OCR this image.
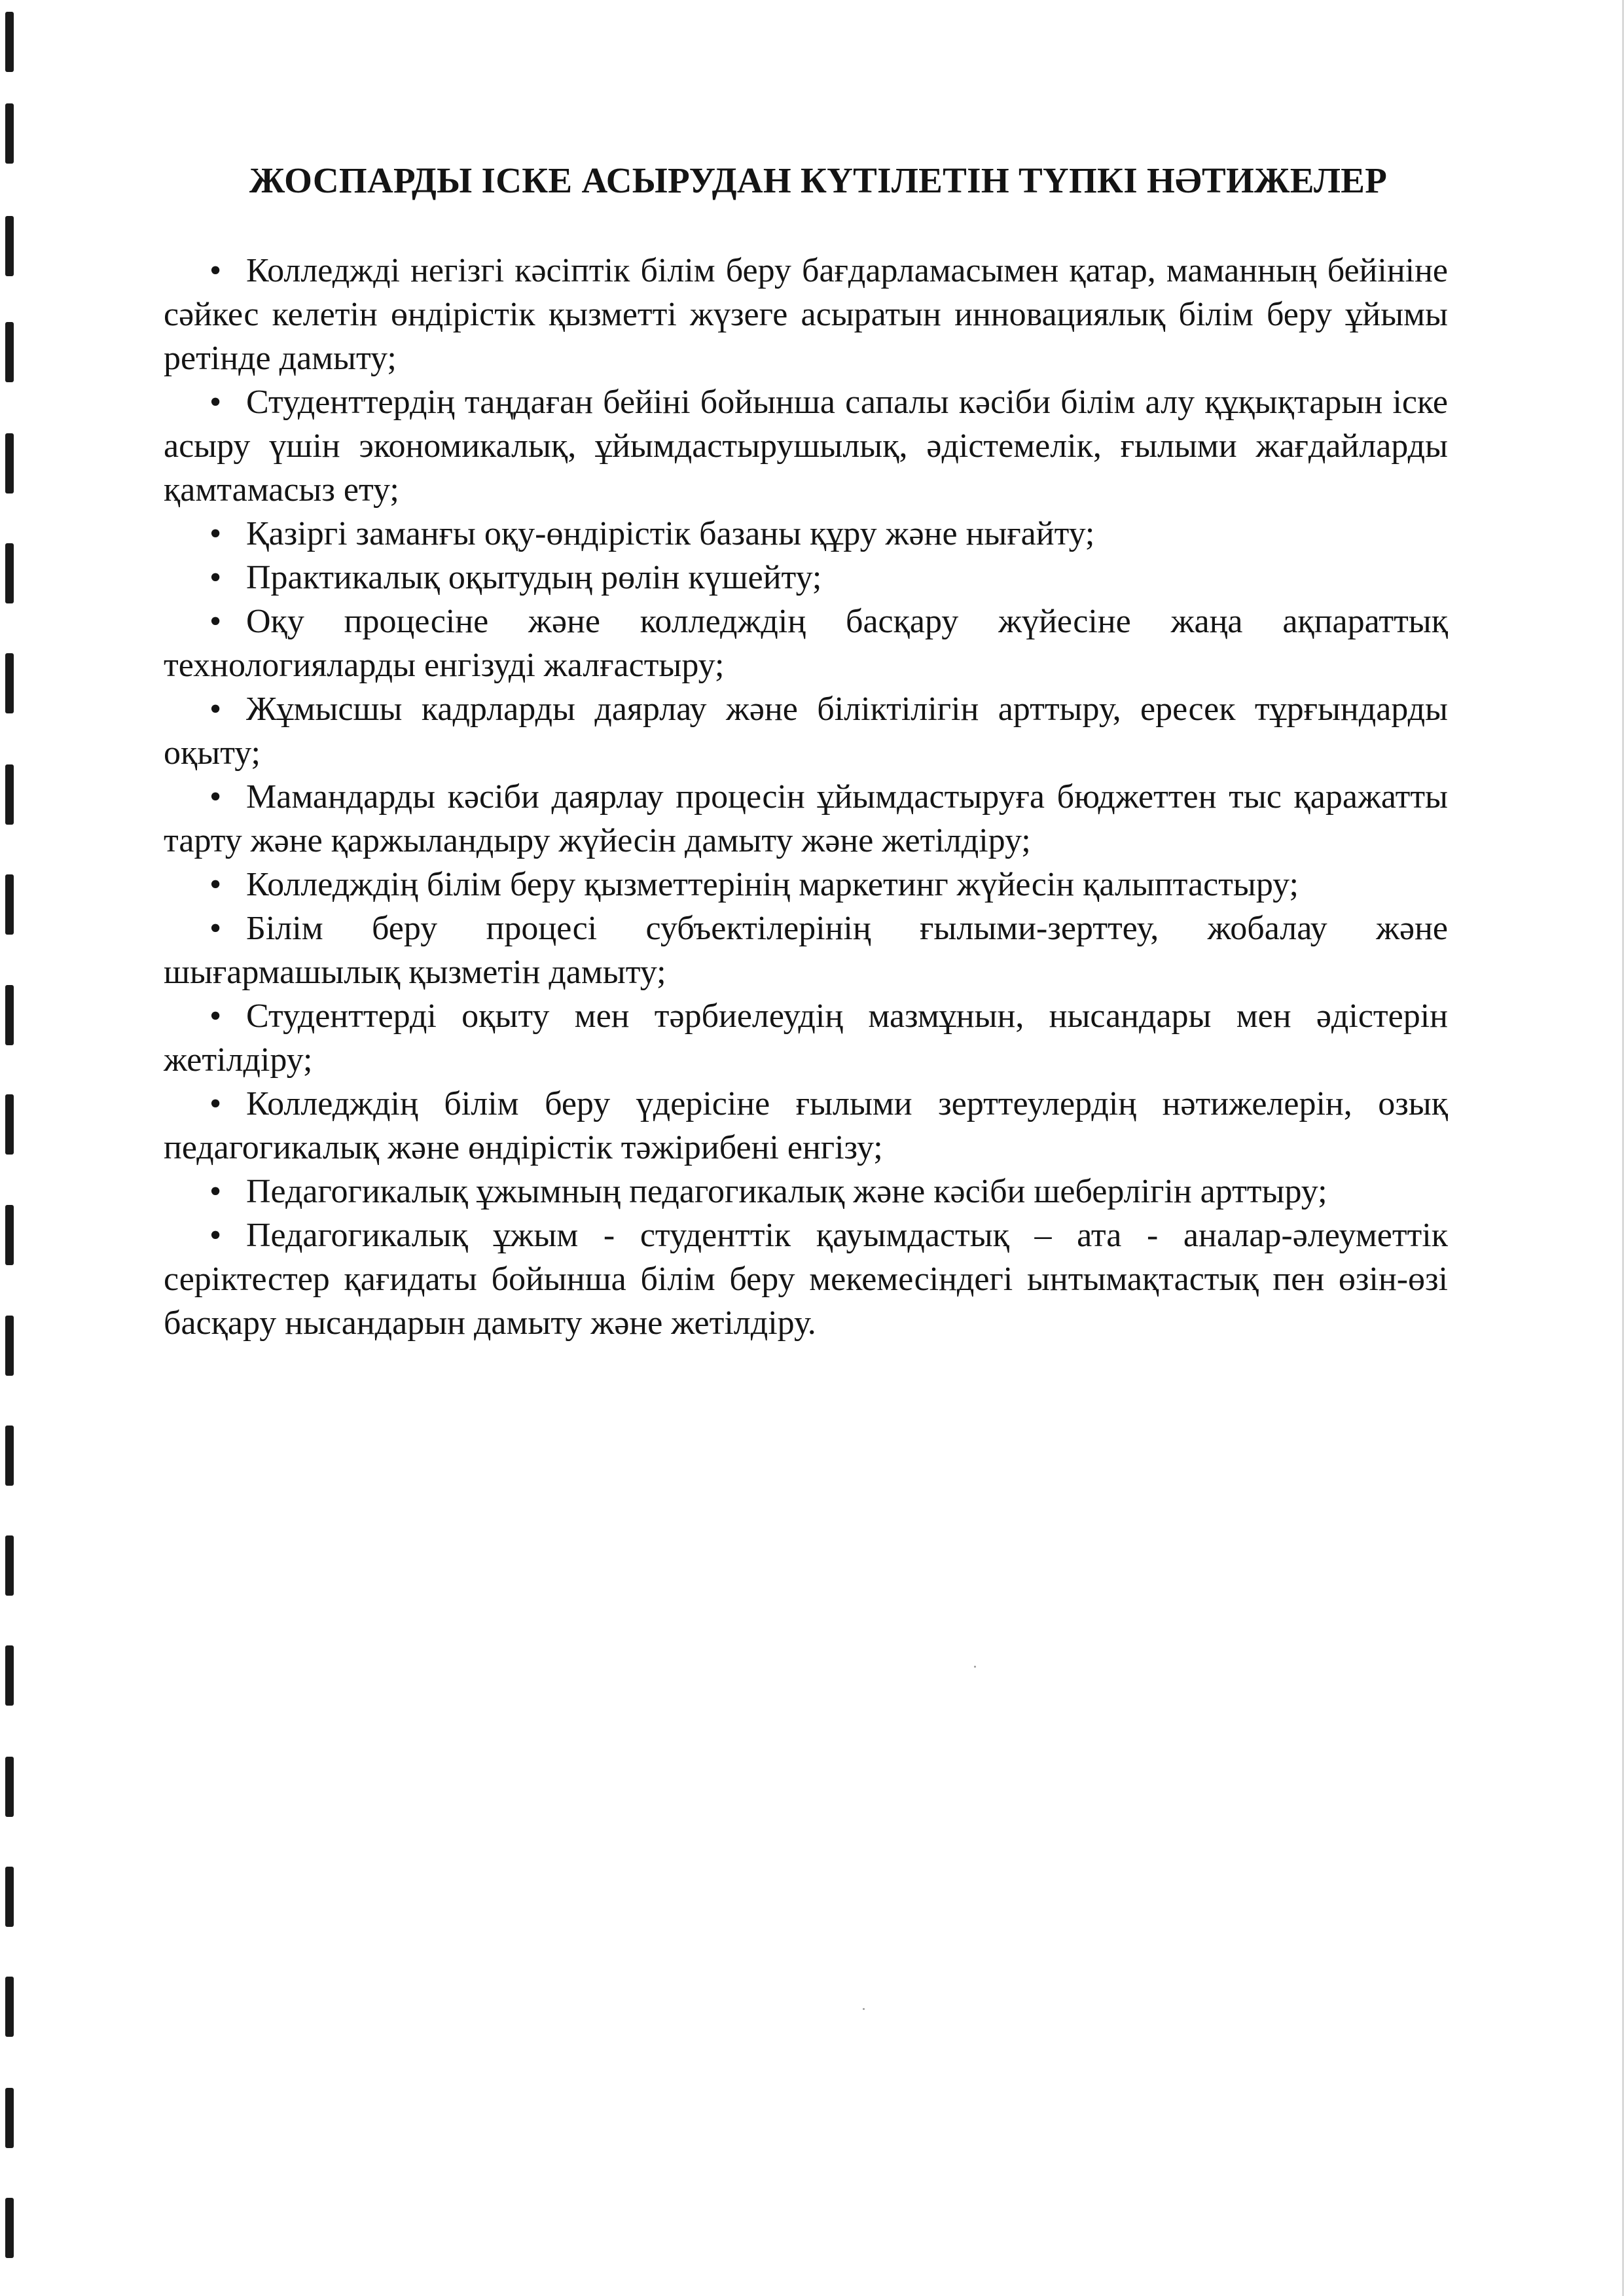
ЖОСПАРДЫ ІСКЕ АСЫРУДАН КҮТІЛЕТІН ТҮПКІ НӘТИЖЕЛЕР

• Колледжді негізгі кәсіптік білім беру бағдарламасымен қатар, маманның бейініне сәйкес келетін өндірістік қызметті жүзеге асыратын инновациялық білім беру ұйымы ретінде дамыту;

• Студенттердің таңдаған бейіні бойынша сапалы кәсіби білім алу құқықтарын іске асыру үшін экономикалық, ұйымдастырушылық, әдістемелік, ғылыми жағдайларды қамтамасыз ету;

• Қазіргі заманғы оқу-өндірістік базаны құру және нығайту;

• Практикалық оқытудың рөлін күшейту;

• Оқу процесіне және колледждің басқару жүйесіне жаңа ақпараттық технологияларды енгізуді жалғастыру;

• Жұмысшы кадрларды даярлау және біліктілігін арттыру, ересек тұрғындарды оқыту;

• Мамандарды кәсіби даярлау процесін ұйымдастыруға бюджеттен тыс қаражатты тарту және қаржыландыру жүйесін дамыту және жетілдіру;

• Колледждің білім беру қызметтерінің маркетинг жүйесін қалыптастыру;

• Білім беру процесі субъектілерінің ғылыми-зерттеу, жобалау және шығармашылық қызметін дамыту;

• Студенттерді оқыту мен тәрбиелеудің мазмұнын, нысандары мен әдістерін жетілдіру;

• Колледждің білім беру үдерісіне ғылыми зерттеулердің нәтижелерін, озық педагогикалық және өндірістік тәжірибені енгізу;

• Педагогикалық ұжымның педагогикалық және кәсіби шеберлігін арттыру;

• Педагогикалық ұжым - студенттік қауымдастық – ата - аналар-әлеуметтік серіктестер қағидаты бойынша білім беру мекемесіндегі ынтымақтастық пен өзін-өзі басқару нысандарын дамыту және жетілдіру.
